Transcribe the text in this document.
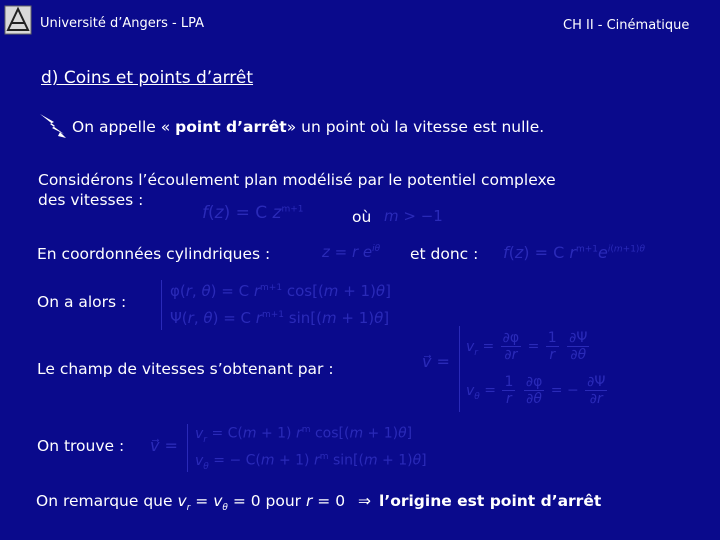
Université d’Angers - LPA	CH II - Cinématique
d) Coins et points d’arrêt
On appelle « point d’arrêt» un point où la vitesse est nulle.
Considérons l’écoulement plan modélisé par le potentiel complexe
des vitesses :
f(z) = C $z^{m+1}$	où m > −1
En coordonnées cylindriques :	z = r $e^{i\theta}$ et donc : f(z) = C $r^{m+1}e^{i(m+1)\theta}$
On a alors :
φ(r, θ) = C $r^{m+1}$ cos[(m + 1)θ]
Ψ(r, θ) = C $r^{m+1}$ sin[(m + 1)θ]
Le champ de vitesses s’obtenant par :	v⃗ =
$v_r = \frac{\partial\varphi}{\partial r} = \frac{1}{r}$
$\frac{\partial\Psi}{\partial\theta}$
$v_\theta = \frac{1}{r}$
$\frac{\partial\varphi}{\partial\theta}$ = − $\frac{\partial\Psi}{\partial r}$
On trouve : v⃗ =
$v_r = C(m + 1)$ $r^m$ cos[(m + 1)θ]
$v_\theta$ = − C(m + 1) $r^m$ sin[(m + 1)θ]
On remarque que $v_r = v_\theta = 0$ pour r = 0 ⇒ l’origine est point d’arrêt
